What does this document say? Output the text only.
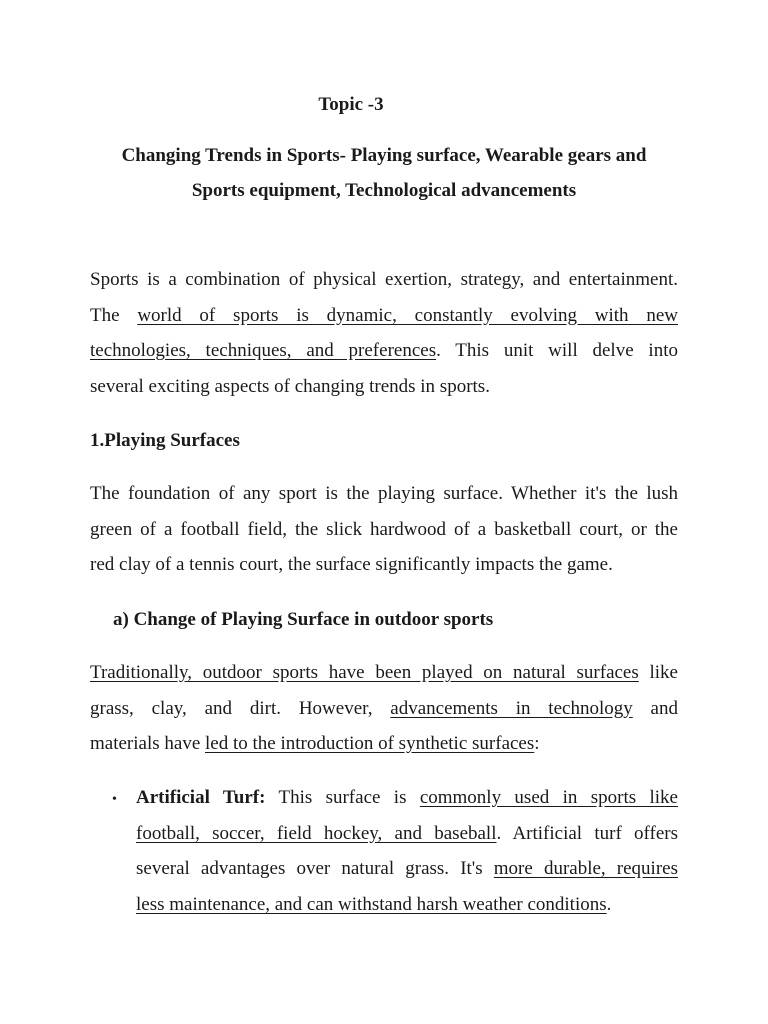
Topic -3
Changing Trends in Sports- Playing surface, Wearable gears and
Sports equipment, Technological advancements
Sports is a combination of physical exertion, strategy, and entertainment.
The world of sports is dynamic, constantly evolving with new
technologies, techniques, and preferences. This unit will delve into
several exciting aspects of changing trends in sports.
1.Playing Surfaces
The foundation of any sport is the playing surface. Whether it's the lush
green of a football field, the slick hardwood of a basketball court, or the
red clay of a tennis court, the surface significantly impacts the game.
a) Change of Playing Surface in outdoor sports
Traditionally, outdoor sports have been played on natural surfaces like
grass, clay, and dirt. However, advancements in technology and
materials have led to the introduction of synthetic surfaces:
• Artificial Turf: This surface is commonly used in sports like
football, soccer, field hockey, and baseball. Artificial turf offers
several advantages over natural grass. It's more durable, requires
less maintenance, and can withstand harsh weather conditions.
